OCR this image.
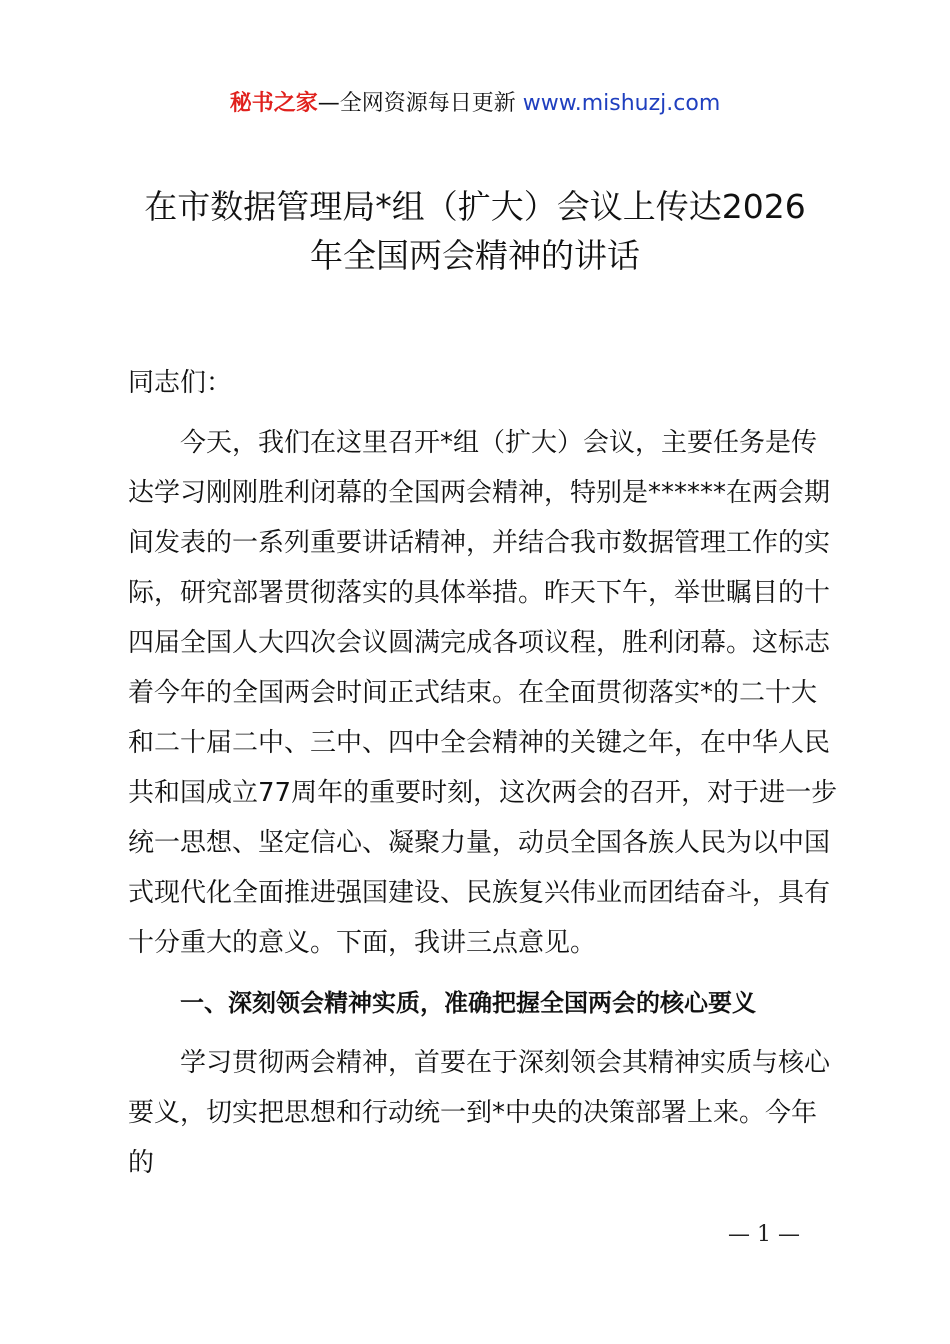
秘书之家—全网资源每日更新 www.mishuzj.com
在市数据管理局*组（扩大）会议上传达2026
年全国两会精神的讲话

同志们：

今天，我们在这里召开*组（扩大）会议，主要任务是传达学习刚刚胜利闭幕的全国两会精神，特别是******在两会期间发表的一系列重要讲话精神，并结合我市数据管理工作的实际，研究部署贯彻落实的具体举措。昨天下午，举世瞩目的十四届全国人大四次会议圆满完成各项议程，胜利闭幕。这标志着今年的全国两会时间正式结束。在全面贯彻落实*的二十大和二十届二中、三中、四中全会精神的关键之年，在中华人民共和国成立77周年的重要时刻，这次两会的召开，对于进一步统一思想、坚定信心、凝聚力量，动员全国各族人民为以中国式现代化全面推进强国建设、民族复兴伟业而团结奋斗，具有十分重大的意义。下面，我讲三点意见。

一、深刻领会精神实质，准确把握全国两会的核心要义

学习贯彻两会精神，首要在于深刻领会其精神实质与核心要义，切实把思想和行动统一到*中央的决策部署上来。今年的

— 1 —
